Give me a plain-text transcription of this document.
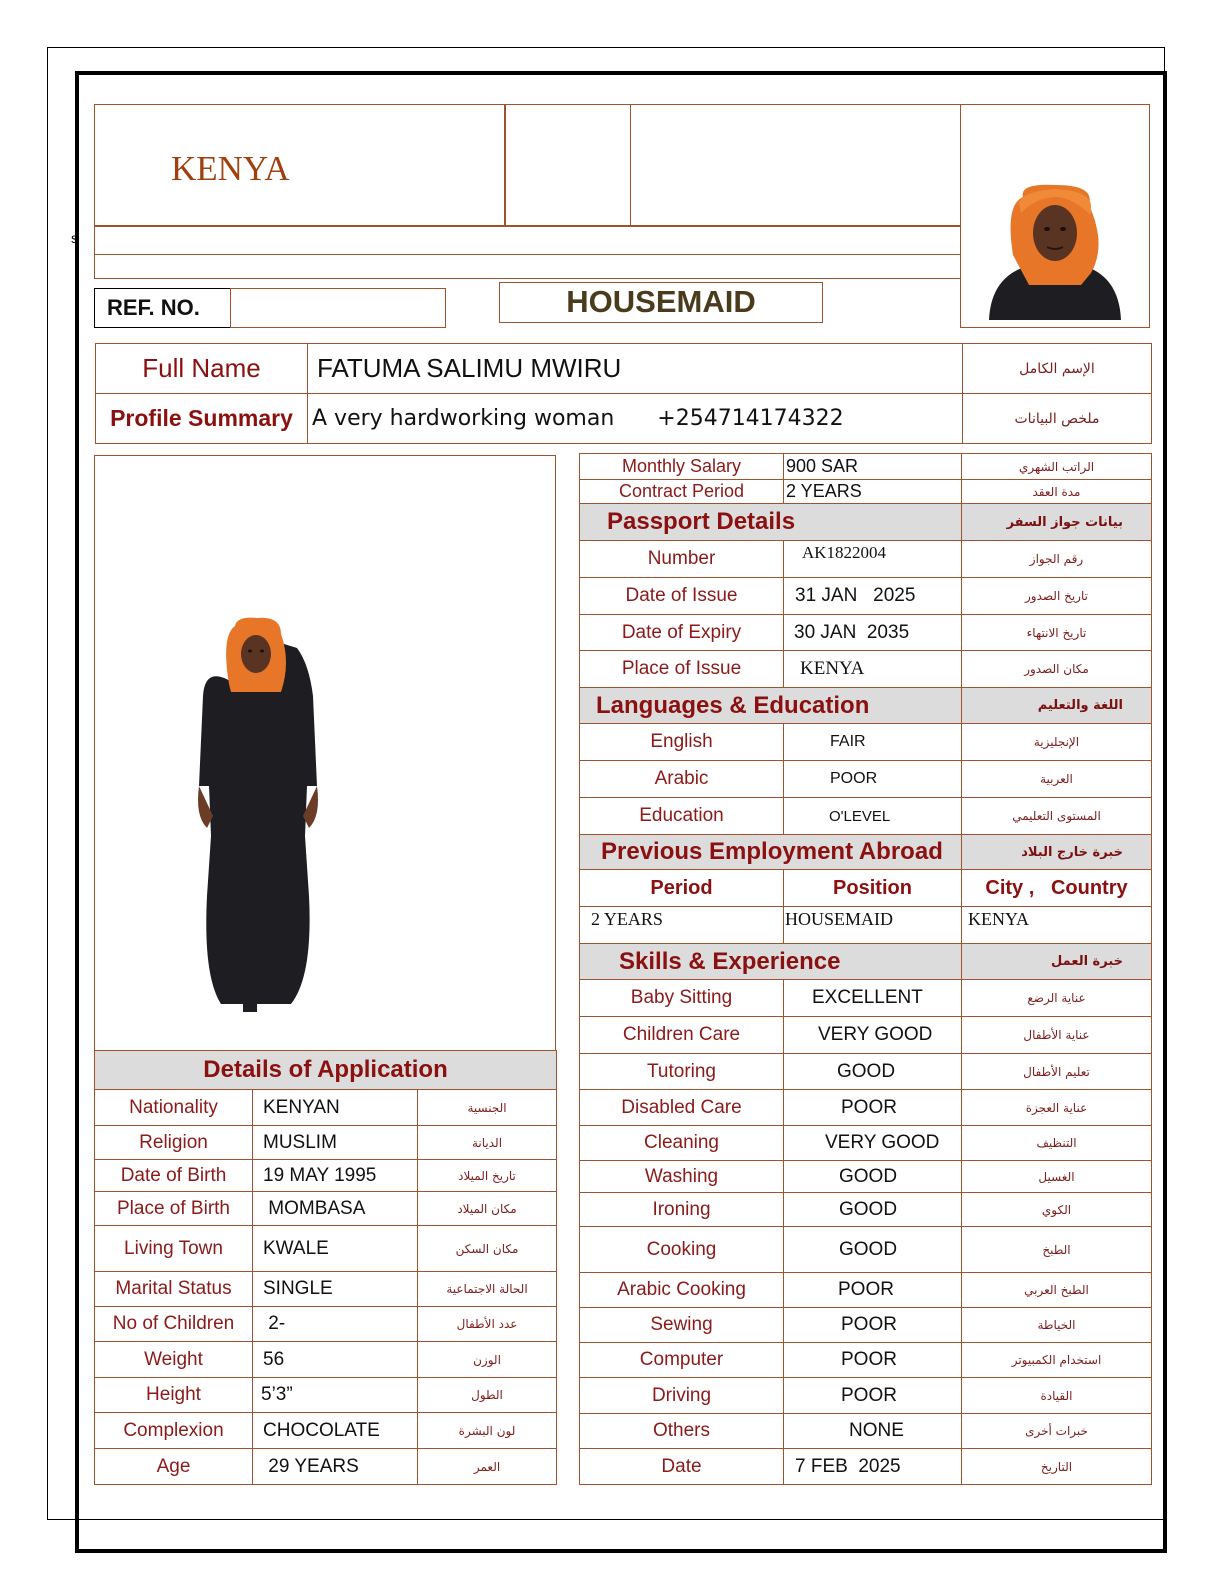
KENYA
s
REF. NO.	HOUSEMAID
Full Name	FATUMA SALIMU MWIRU	الإسم الكامل
Profile Summary	A very hardworking woman +254714174322	ملخص البيانات
Details of Application		
Nationality	KENYAN	الجنسية
Religion	MUSLIM	الديانة
Date of Birth	19 MAY 1995	تاريخ الميلاد
Place of Birth	MOMBASA	مكان الميلاد
Living Town	KWALE	مكان السكن
Marital Status	SINGLE	الحالة الاجتماعية
No of Children	2-	عدد الأطفال
Weight	56	الوزن
Height	5’3”	الطول
Complexion	CHOCOLATE	لون البشرة
Age	29 YEARS	العمر
Monthly Salary	900 SAR	الراتب الشهري
Contract Period	2 YEARS	مدة العقد
Passport Details		بيانات جواز السفر
Number	AK1822004	رقم الجواز
Date of Issue	31 JAN   2025	تاريخ الصدور
Date of Expiry	30 JAN  2035	تاريخ الانتهاء
Place of Issue	KENYA	مكان الصدور
Languages & Education		اللغة والتعليم
English	FAIR	الإنجليزية
Arabic	POOR	العربية
Education	O'LEVEL	المستوى التعليمي
Previous Employment Abroad		خبرة خارج البلاد
Period	Position	City ,   Country
2 YEARS	HOUSEMAID	KENYA
Skills & Experience		خبرة العمل
Baby Sitting	EXCELLENT	عناية الرضع
Children Care	VERY GOOD	عناية الأطفال
Tutoring	GOOD	تعليم الأطفال
Disabled Care	POOR	عناية العجزة
Cleaning	VERY GOOD	التنظيف
Washing	GOOD	الغسيل
Ironing	GOOD	الكوي
Cooking	GOOD	الطبخ
Arabic Cooking	POOR	الطبخ العربي
Sewing	POOR	الخياطة
Computer	POOR	استخدام الكمبيوتر
Driving	POOR	القيادة
Others	NONE	خبرات أخرى
Date	7 FEB  2025	التاريخ
